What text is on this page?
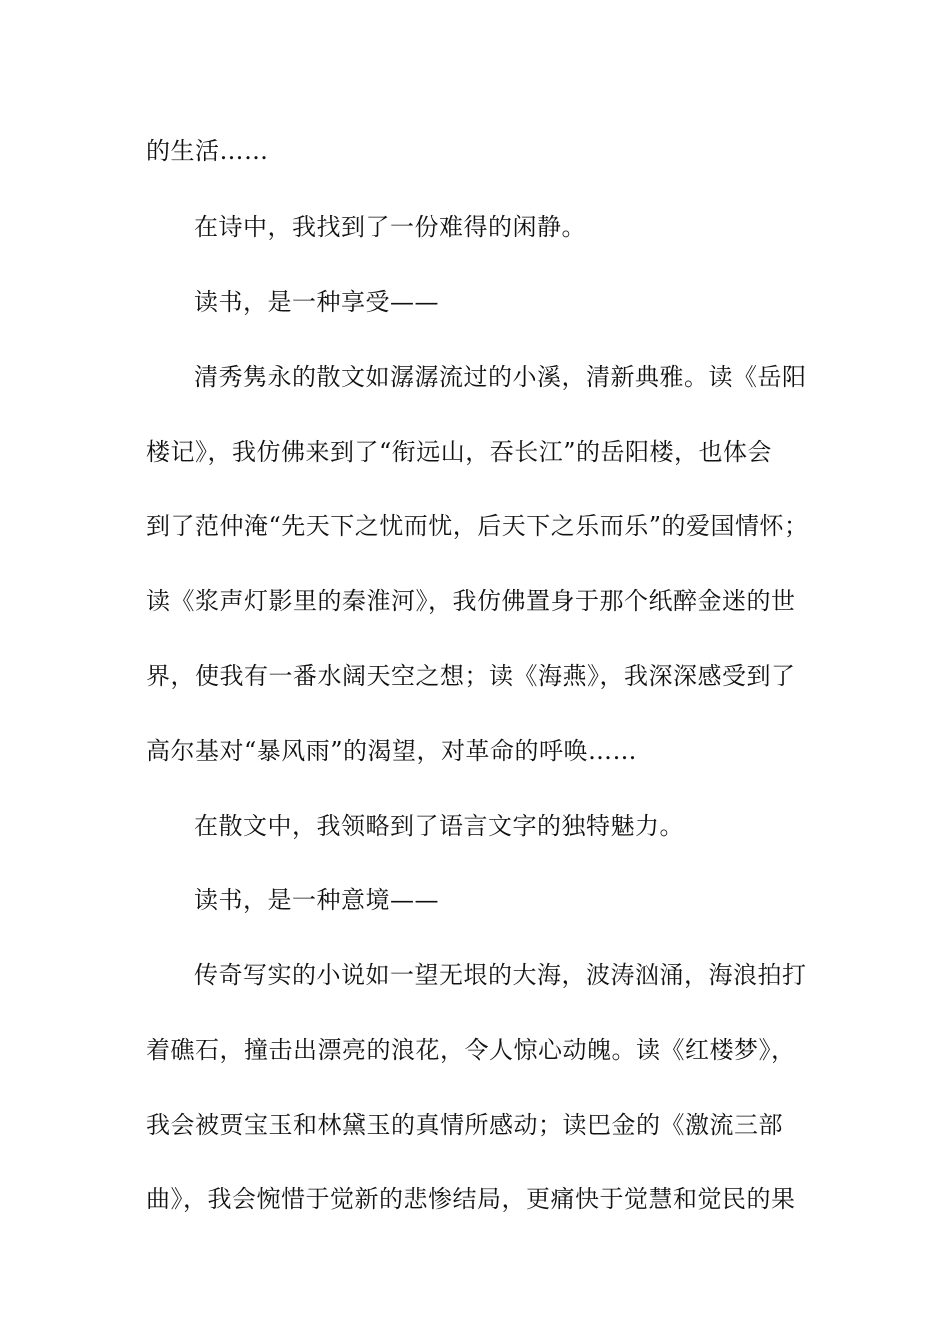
的生活……
在诗中，我找到了一份难得的闲静。
读书，是一种享受——
清秀隽永的散文如潺潺流过的小溪，清新典雅。读《岳阳
楼记》，我仿佛来到了“衔远山，吞长江”的岳阳楼，也体会
到了范仲淹“先天下之忧而忧，后天下之乐而乐”的爱国情怀；
读《浆声灯影里的秦淮河》，我仿佛置身于那个纸醉金迷的世
界，使我有一番水阔天空之想；读《海燕》，我深深感受到了
高尔基对“暴风雨”的渴望，对革命的呼唤……
在散文中，我领略到了语言文字的独特魅力。
读书，是一种意境——
传奇写实的小说如一望无垠的大海，波涛汹涌，海浪拍打
着礁石，撞击出漂亮的浪花，令人惊心动魄。读《红楼梦》，
我会被贾宝玉和林黛玉的真情所感动；读巴金的《激流三部
曲》，我会惋惜于觉新的悲惨结局，更痛快于觉慧和觉民的果
